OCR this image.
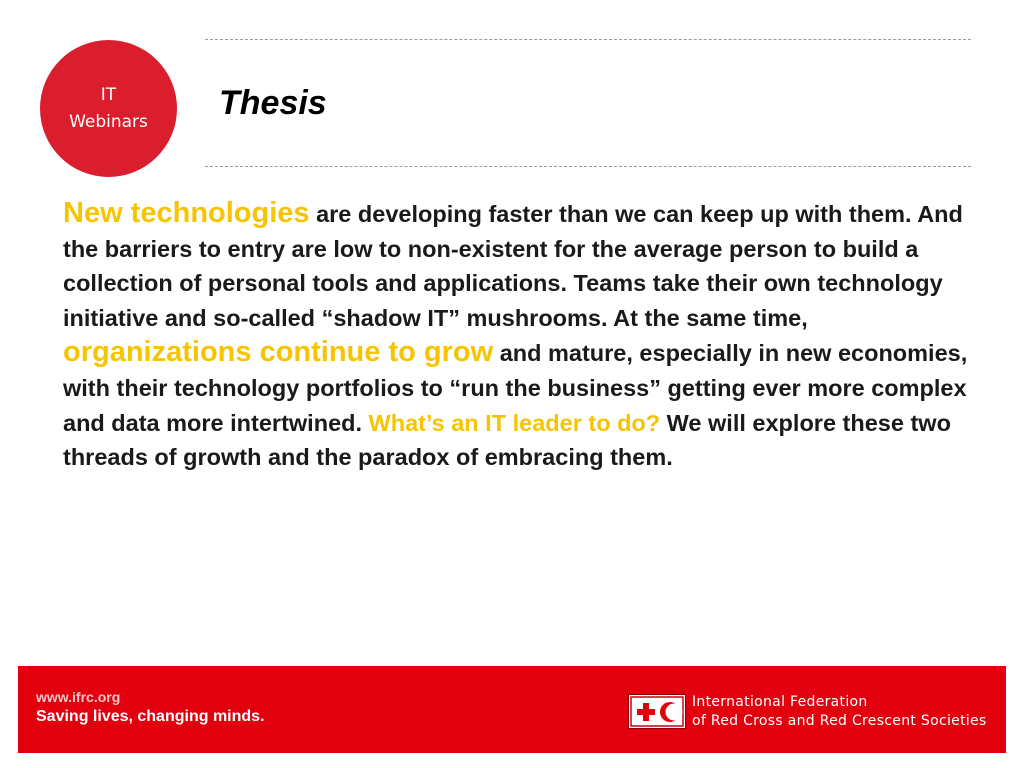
IT
Webinars Thesis

New technologies are developing faster than we can keep up with them. And the barriers to entry are low to non-existent for the average person to build a collection of personal tools and applications. Teams take their own technology initiative and so-called “shadow IT” mushrooms. At the same time, organizations continue to grow and mature, especially in new economies, with their technology portfolios to “run the business” getting ever more complex and data more intertwined. What’s an IT leader to do? We will explore these two threads of growth and the paradox of embracing them.

www.ifrc.org
Saving lives, changing minds.
International Federation
of Red Cross and Red Crescent Societies
